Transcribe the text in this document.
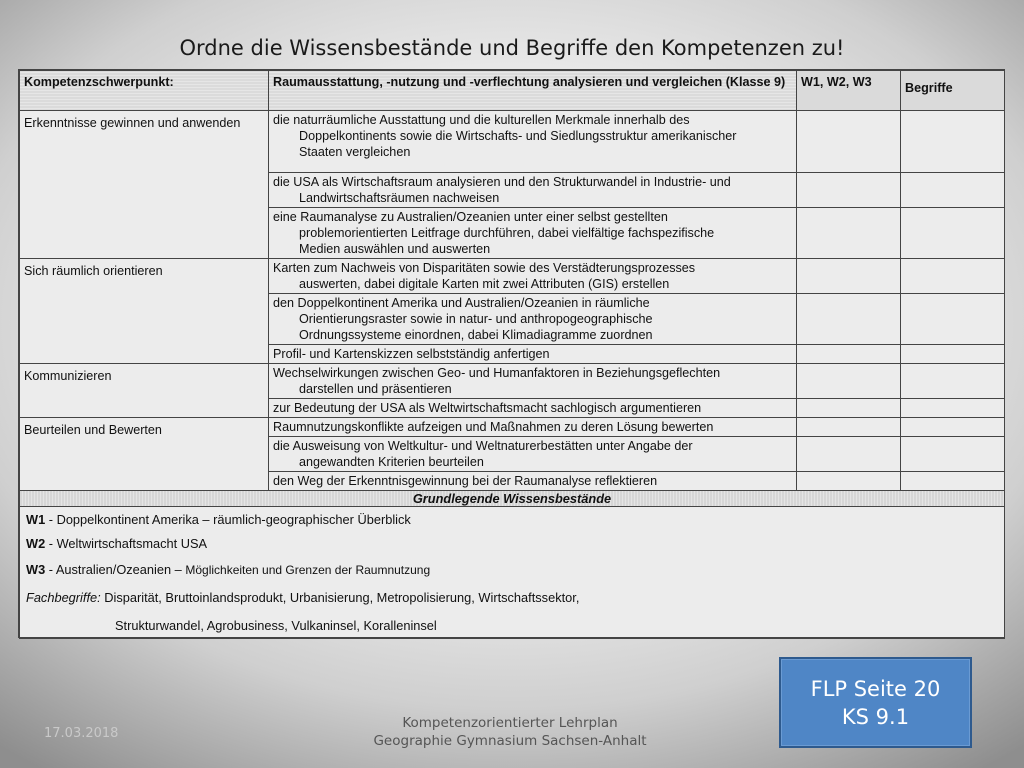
Ordne die Wissensbestände und Begriffe den Kompetenzen zu!
Kompetenzschwerpunkt:	Raumausstattung, -nutzung und -verflechtung analysieren und vergleichen (Klasse 9)	W1, W2, W3	Begriffe
Erkenntnisse gewinnen und anwenden	die naturräumliche Ausstattung und die kulturellen Merkmale innerhalb des
Doppelkontinents sowie die Wirtschafts- und Siedlungsstruktur amerikanischer
Staaten vergleichen		

	die USA als Wirtschaftsraum analysieren und den Strukturwandel in Industrie- und
Landwirtschaftsräumen nachweisen		

	eine Raumanalyse zu Australien/Ozeanien unter einer selbst gestellten
problemorientierten Leitfrage durchführen, dabei vielfältige fachspezifische
Medien auswählen und auswerten		

Sich räumlich orientieren	Karten zum Nachweis von Disparitäten sowie des Verstädterungsprozesses
auswerten, dabei digitale Karten mit zwei Attributen (GIS) erstellen		

	den Doppelkontinent Amerika und Australien/Ozeanien in räumliche
Orientierungsraster sowie in natur- und anthropogeographische
Ordnungssysteme einordnen, dabei Klimadiagramme zuordnen		

	Profil- und Kartenskizzen selbstständig anfertigen		

Kommunizieren	Wechselwirkungen zwischen Geo- und Humanfaktoren in Beziehungsgeflechten
darstellen und präsentieren		

	zur Bedeutung der USA als Weltwirtschaftsmacht sachlogisch argumentieren		

Beurteilen und Bewerten	Raumnutzungskonflikte aufzeigen und Maßnahmen zu deren Lösung bewerten		

	die Ausweisung von Weltkultur- und Weltnaturerbestätten unter Angabe der
angewandten Kriterien beurteilen		

	den Weg der Erkenntnisgewinnung bei der Raumanalyse reflektieren		

Grundlegende Wissensbestände			

W1 - Doppelkontinent Amerika – räumlich-geographischer Überblick
W2 - Weltwirtschaftsmacht USA
W3 - Australien/Ozeanien – Möglichkeiten und Grenzen der Raumnutzung
Fachbegriffe: Disparität, Bruttoinlandsprodukt, Urbanisierung, Metropolisierung, Wirtschaftssektor,
Strukturwandel, Agrobusiness, Vulkaninsel, Koralleninsel			
FLP Seite 20
KS 9.1
17.03.2018
Kompetenzorientierter Lehrplan
Geographie Gymnasium Sachsen-Anhalt
